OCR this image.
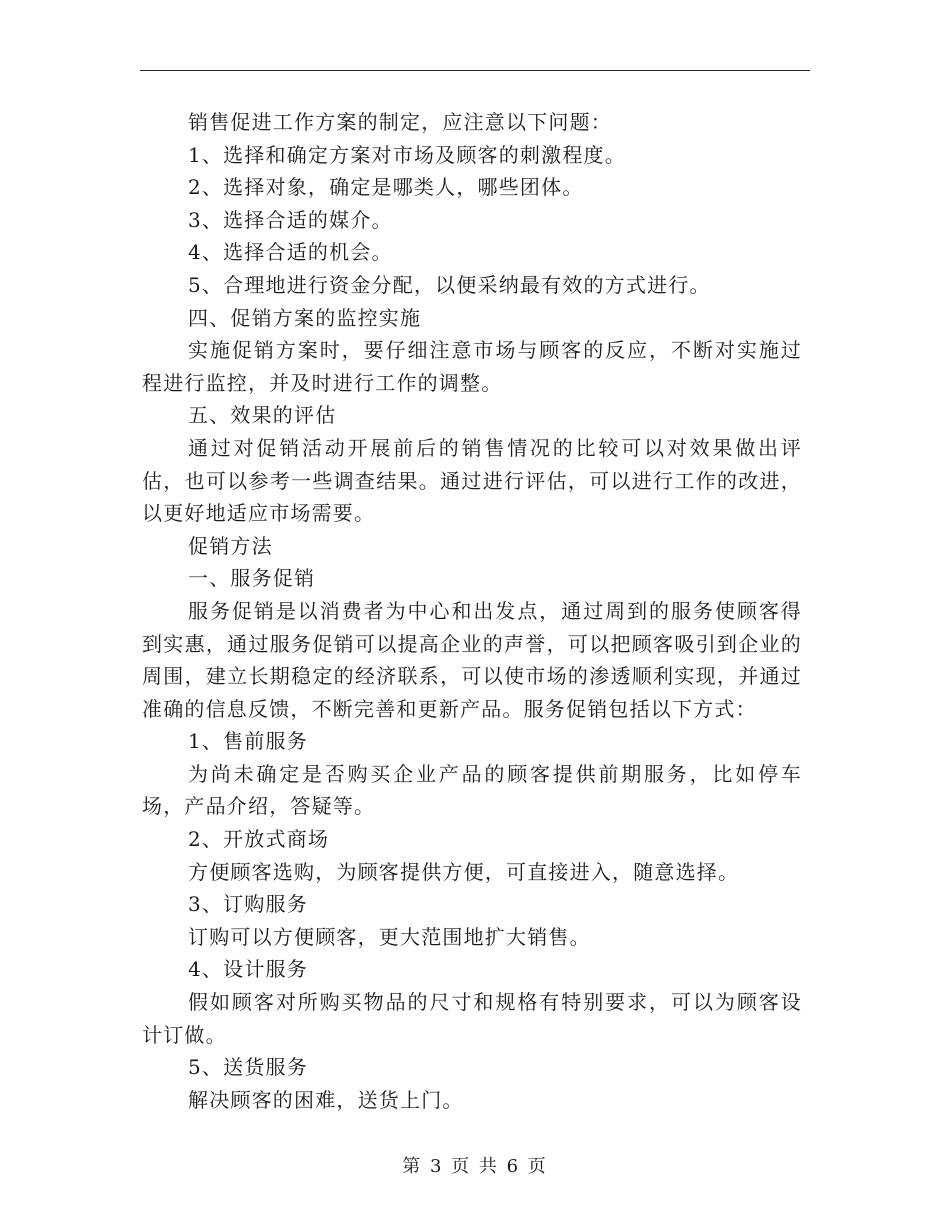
销售促进工作方案的制定，应注意以下问题：

1、选择和确定方案对市场及顾客的刺激程度。

2、选择对象，确定是哪类人，哪些团体。

3、选择合适的媒介。

4、选择合适的机会。

5、合理地进行资金分配，以便采纳最有效的方式进行。

四、促销方案的监控实施

实施促销方案时，要仔细注意市场与顾客的反应，不断对实施过程进行监控，并及时进行工作的调整。

五、效果的评估

通过对促销活动开展前后的销售情况的比较可以对效果做出评估，也可以参考一些调查结果。通过进行评估，可以进行工作的改进，以更好地适应市场需要。

促销方法

一、服务促销

服务促销是以消费者为中心和出发点，通过周到的服务使顾客得到实惠，通过服务促销可以提高企业的声誉，可以把顾客吸引到企业的周围，建立长期稳定的经济联系，可以使市场的渗透顺利实现，并通过准确的信息反馈，不断完善和更新产品。服务促销包括以下方式：

1、售前服务

为尚未确定是否购买企业产品的顾客提供前期服务，比如停车场，产品介绍，答疑等。

2、开放式商场

方便顾客选购，为顾客提供方便，可直接进入，随意选择。

3、订购服务

订购可以方便顾客，更大范围地扩大销售。

4、设计服务

假如顾客对所购买物品的尺寸和规格有特别要求，可以为顾客设计订做。

5、送货服务

解决顾客的困难，送货上门。

第 3 页 共 6 页
